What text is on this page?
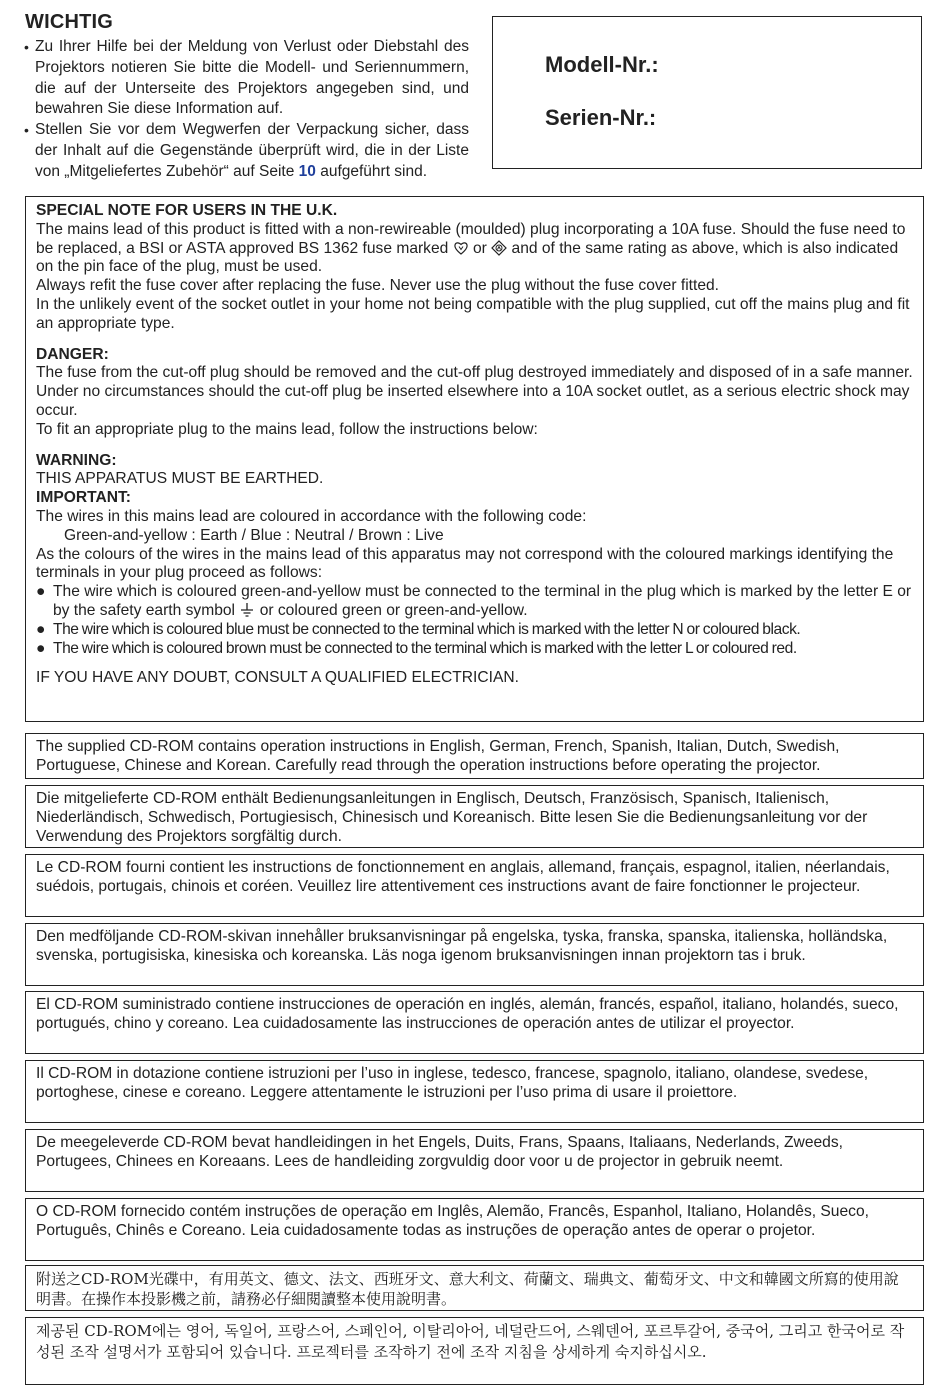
WICHTIG
• Zu Ihrer Hilfe bei der Meldung von Verlust oder Diebstahl des Projektors notieren Sie bitte die Modell- und Seriennummern, die auf der Unterseite des Projektors angegeben sind, und bewahren Sie diese Information auf.
• Stellen Sie vor dem Wegwerfen der Verpackung sicher, dass der Inhalt auf die Gegenstände überprüft wird, die in der Liste von „Mitgeliefertes Zubehör“ auf Seite 10 aufgeführt sind.
Modell-Nr.:
Serien-Nr.:

SPECIAL NOTE FOR USERS IN THE U.K.

The mains lead of this product is fitted with a non-rewireable (moulded) plug incorporating a 10A fuse. Should the fuse need to be replaced, a BSI or ASTA approved BS 1362 fuse marked  or  and of the same rating as above, which is also indicated on the pin face of the plug, must be used.

Always refit the fuse cover after replacing the fuse. Never use the plug without the fuse cover fitted.

In the unlikely event of the socket outlet in your home not being compatible with the plug supplied, cut off the mains plug and fit an appropriate type.

DANGER:

The fuse from the cut-off plug should be removed and the cut-off plug destroyed immediately and disposed of in a safe manner.

Under no circumstances should the cut-off plug be inserted elsewhere into a 10A socket outlet, as a serious electric shock may occur.

To fit an appropriate plug to the mains lead, follow the instructions below:

WARNING:

THIS APPARATUS MUST BE EARTHED.

IMPORTANT:

The wires in this mains lead are coloured in accordance with the following code:

Green-and-yellow : Earth / Blue : Neutral / Brown : Live

As the colours of the wires in the mains lead of this apparatus may not correspond with the coloured markings identifying the terminals in your plug proceed as follows:

● The wire which is coloured green-and-yellow must be connected to the terminal in the plug which is marked by the letter E or by the safety earth symbol  or coloured green or green-and-yellow.

● The wire which is coloured blue must be connected to the terminal which is marked with the letter N or coloured black.

● The wire which is coloured brown must be connected to the terminal which is marked with the letter L or coloured red.

IF YOU HAVE ANY DOUBT, CONSULT A QUALIFIED ELECTRICIAN.

The supplied CD-ROM contains operation instructions in English, German, French, Spanish, Italian, Dutch, Swedish, Portuguese, Chinese and Korean. Carefully read through the operation instructions before operating the projector.

Die mitgelieferte CD-ROM enthält Bedienungsanleitungen in Englisch, Deutsch, Französisch, Spanisch, Italienisch, Niederländisch, Schwedisch, Portugiesisch, Chinesisch und Koreanisch. Bitte lesen Sie die Bedienungsanleitung vor der Verwendung des Projektors sorgfältig durch.

Le CD-ROM fourni contient les instructions de fonctionnement en anglais, allemand, français, espagnol, italien, néerlandais, suédois, portugais, chinois et coréen. Veuillez lire attentivement ces instructions avant de faire fonctionner le projecteur.

Den medföljande CD-ROM-skivan innehåller bruksanvisningar på engelska, tyska, franska, spanska, italienska, holländska, svenska, portugisiska, kinesiska och koreanska. Läs noga igenom bruksanvisningen innan projektorn tas i bruk.

El CD-ROM suministrado contiene instrucciones de operación en inglés, alemán, francés, español, italiano, holandés, sueco, portugués, chino y coreano. Lea cuidadosamente las instrucciones de operación antes de utilizar el proyector.

Il CD-ROM in dotazione contiene istruzioni per l’uso in inglese, tedesco, francese, spagnolo, italiano, olandese, svedese, portoghese, cinese e coreano. Leggere attentamente le istruzioni per l’uso prima di usare il proiettore.

De meegeleverde CD-ROM bevat handleidingen in het Engels, Duits, Frans, Spaans, Italiaans, Nederlands, Zweeds, Portugees, Chinees en Koreaans. Lees de handleiding zorgvuldig door voor u de projector in gebruik neemt.

O CD-ROM fornecido contém instruções de operação em Inglês, Alemão, Francês, Espanhol, Italiano, Holandês, Sueco, Português, Chinês e Coreano. Leia cuidadosamente todas as instruções de operação antes de operar o projetor.

附送之CD-ROM光碟中，有用英文、德文、法文、西班牙文、意大利文、荷蘭文、瑞典文、葡萄牙文、中文和韓國文所寫的使用說明書。在操作本投影機之前，請務必仔細閱讀整本使用說明書。

제공된 CD-ROM에는 영어, 독일어, 프랑스어, 스페인어, 이탈리아어, 네덜란드어, 스웨덴어, 포르투갈어, 중국어, 그리고 한국어로 작성된 조작 설명서가 포함되어 있습니다. 프로젝터를 조작하기 전에 조작 지침을 상세하게 숙지하십시오.
